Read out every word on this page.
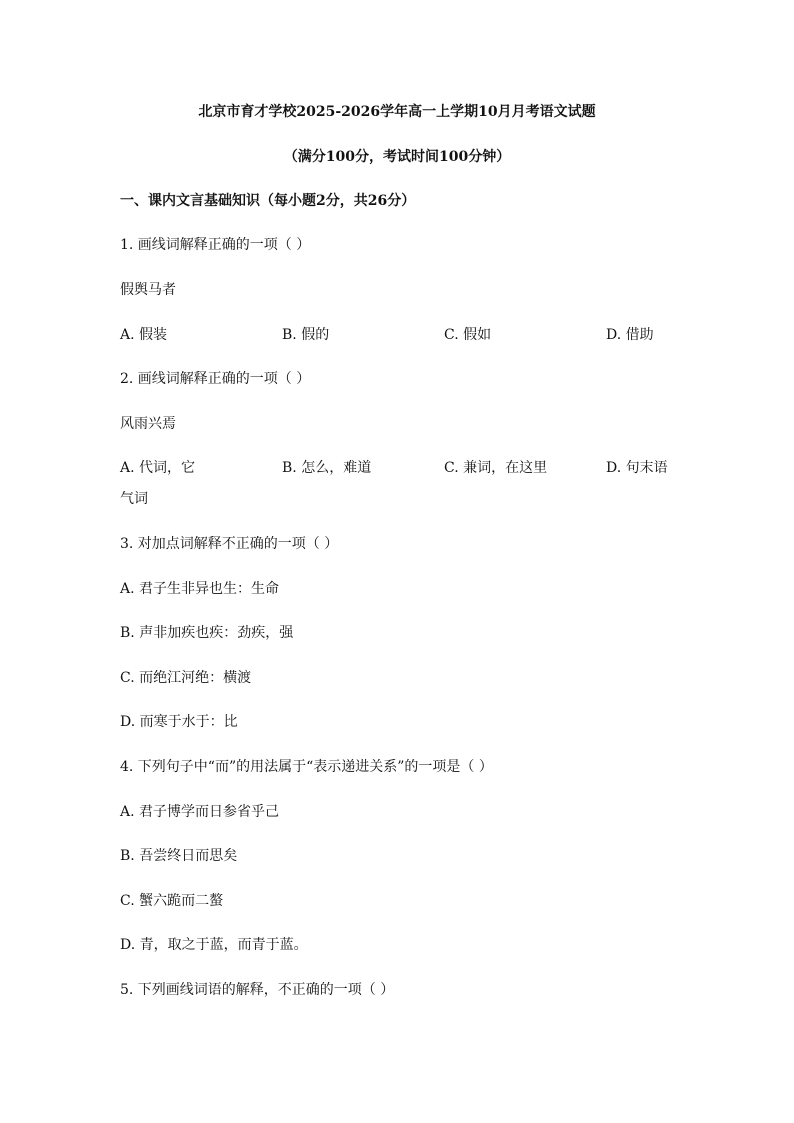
北京市育才学校2025-2026学年高一上学期10月月考语文试题
（满分100分，考试时间100分钟）
一、课内文言基础知识（每小题2分，共26分）
1. 画线词解释正确的一项（ ）
假舆马者
A. 假装	B. 假的	C. 假如	D. 借助
2. 画线词解释正确的一项（ ）
风雨兴焉
A. 代词，它	B. 怎么，难道	C. 兼词，在这里	D. 句末语
气词
3. 对加点词解释不正确的一项（ ）
A. 君子生非异也生：生命
B. 声非加疾也疾：劲疾，强
C. 而绝江河绝：横渡
D. 而寒于水于：比
4. 下列句子中“而”的用法属于“表示递进关系”的一项是（ ）
A. 君子博学而日参省乎己
B. 吾尝终日而思矣
C. 蟹六跪而二螯
D. 青，取之于蓝，而青于蓝。
5. 下列画线词语的解释，不正确的一项（ ）
